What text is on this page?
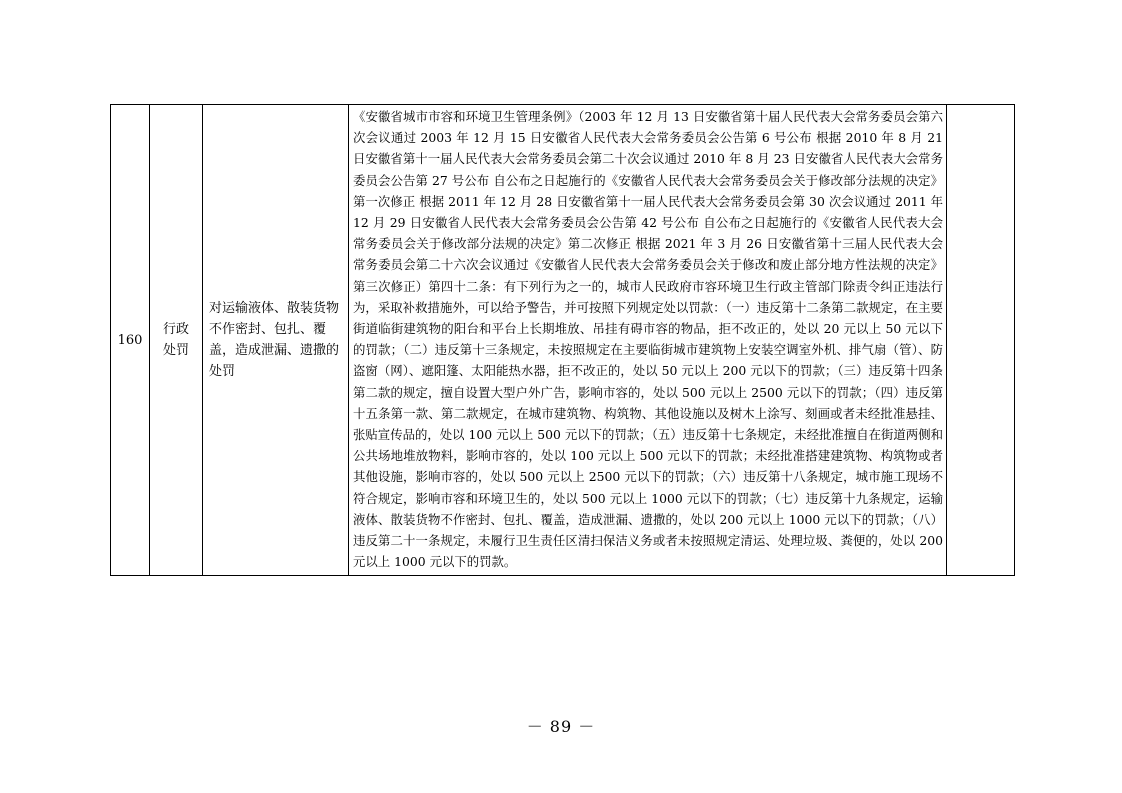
160	行政处罚	对运输液体、散装货物不作密封、包扎、覆盖，造成泄漏、遗撒的处罚	《安徽省城市市容和环境卫生管理条例》（2003 年 12 月 13 日安徽省第十届人民代表大会常务委员会第六次会议通过 2003 年 12 月 15 日安徽省人民代表大会常务委员会公告第 6 号公布 根据 2010 年 8 月 21 日安徽省第十一届人民代表大会常务委员会第二十次会议通过 2010 年 8 月 23 日安徽省人民代表大会常务委员会公告第 27 号公布 自公布之日起施行的《安徽省人民代表大会常务委员会关于修改部分法规的决定》第一次修正 根据 2011 年 12 月 28 日安徽省第十一届人民代表大会常务委员会第 30 次会议通过 2011 年 12 月 29 日安徽省人民代表大会常务委员会公告第 42 号公布 自公布之日起施行的《安徽省人民代表大会常务委员会关于修改部分法规的决定》第二次修正 根据 2021 年 3 月 26 日安徽省第十三届人民代表大会常务委员会第二十六次会议通过《安徽省人民代表大会常务委员会关于修改和废止部分地方性法规的决定》第三次修正）第四十二条：有下列行为之一的，城市人民政府市容环境卫生行政主管部门除责令纠正违法行为，采取补救措施外，可以给予警告，并可按照下列规定处以罚款：（一）违反第十二条第二款规定，在主要街道临街建筑物的阳台和平台上长期堆放、吊挂有碍市容的物品，拒不改正的，处以 20 元以上 50 元以下的罚款；（二）违反第十三条规定，未按照规定在主要临街城市建筑物上安装空调室外机、排气扇（管）、防盗窗（网）、遮阳篷、太阳能热水器，拒不改正的，处以 50 元以上 200 元以下的罚款；（三）违反第十四条第二款的规定，擅自设置大型户外广告，影响市容的，处以 500 元以上 2500 元以下的罚款；（四）违反第十五条第一款、第二款规定，在城市建筑物、构筑物、其他设施以及树木上涂写、刻画或者未经批准悬挂、张贴宣传品的，处以 100 元以上 500 元以下的罚款；（五）违反第十七条规定，未经批准擅自在街道两侧和公共场地堆放物料，影响市容的，处以 100 元以上 500 元以下的罚款；未经批准搭建建筑物、构筑物或者其他设施，影响市容的，处以 500 元以上 2500 元以下的罚款；（六）违反第十八条规定，城市施工现场不符合规定，影响市容和环境卫生的，处以 500 元以上 1000 元以下的罚款；（七）违反第十九条规定，运输液体、散装货物不作密封、包扎、覆盖，造成泄漏、遗撒的，处以 200 元以上 1000 元以下的罚款；（八）违反第二十一条规定，未履行卫生责任区清扫保洁义务或者未按照规定清运、处理垃圾、粪便的，处以 200 元以上 1000 元以下的罚款。	
－ 89 －
